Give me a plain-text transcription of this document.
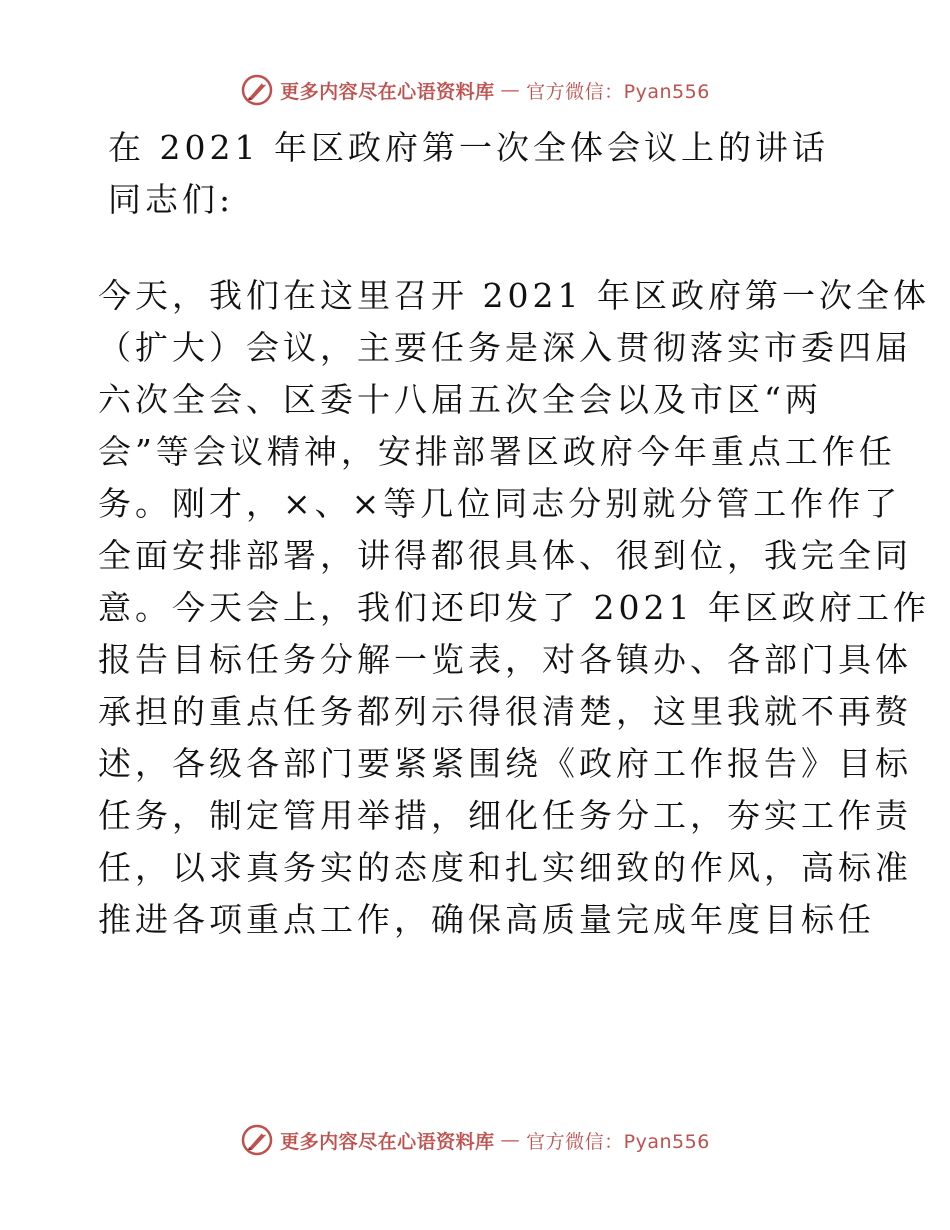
更多内容尽在心语资料库 — 官方微信：Pyan556
在 2021 年区政府第一次全体会议上的讲话
同志们:
今天，我们在这里召开 2021 年区政府第一次全体
（扩大）会议，主要任务是深入贯彻落实市委四届
六次全会、区委十八届五次全会以及市区“两
会”等会议精神，安排部署区政府今年重点工作任
务。刚才，×、×等几位同志分别就分管工作作了
全面安排部署，讲得都很具体、很到位，我完全同
意。今天会上，我们还印发了 2021 年区政府工作
报告目标任务分解一览表，对各镇办、各部门具体
承担的重点任务都列示得很清楚，这里我就不再赘
述，各级各部门要紧紧围绕《政府工作报告》目标
任务，制定管用举措，细化任务分工，夯实工作责
任，以求真务实的态度和扎实细致的作风，高标准
推进各项重点工作，确保高质量完成年度目标任
更多内容尽在心语资料库 — 官方微信：Pyan556
